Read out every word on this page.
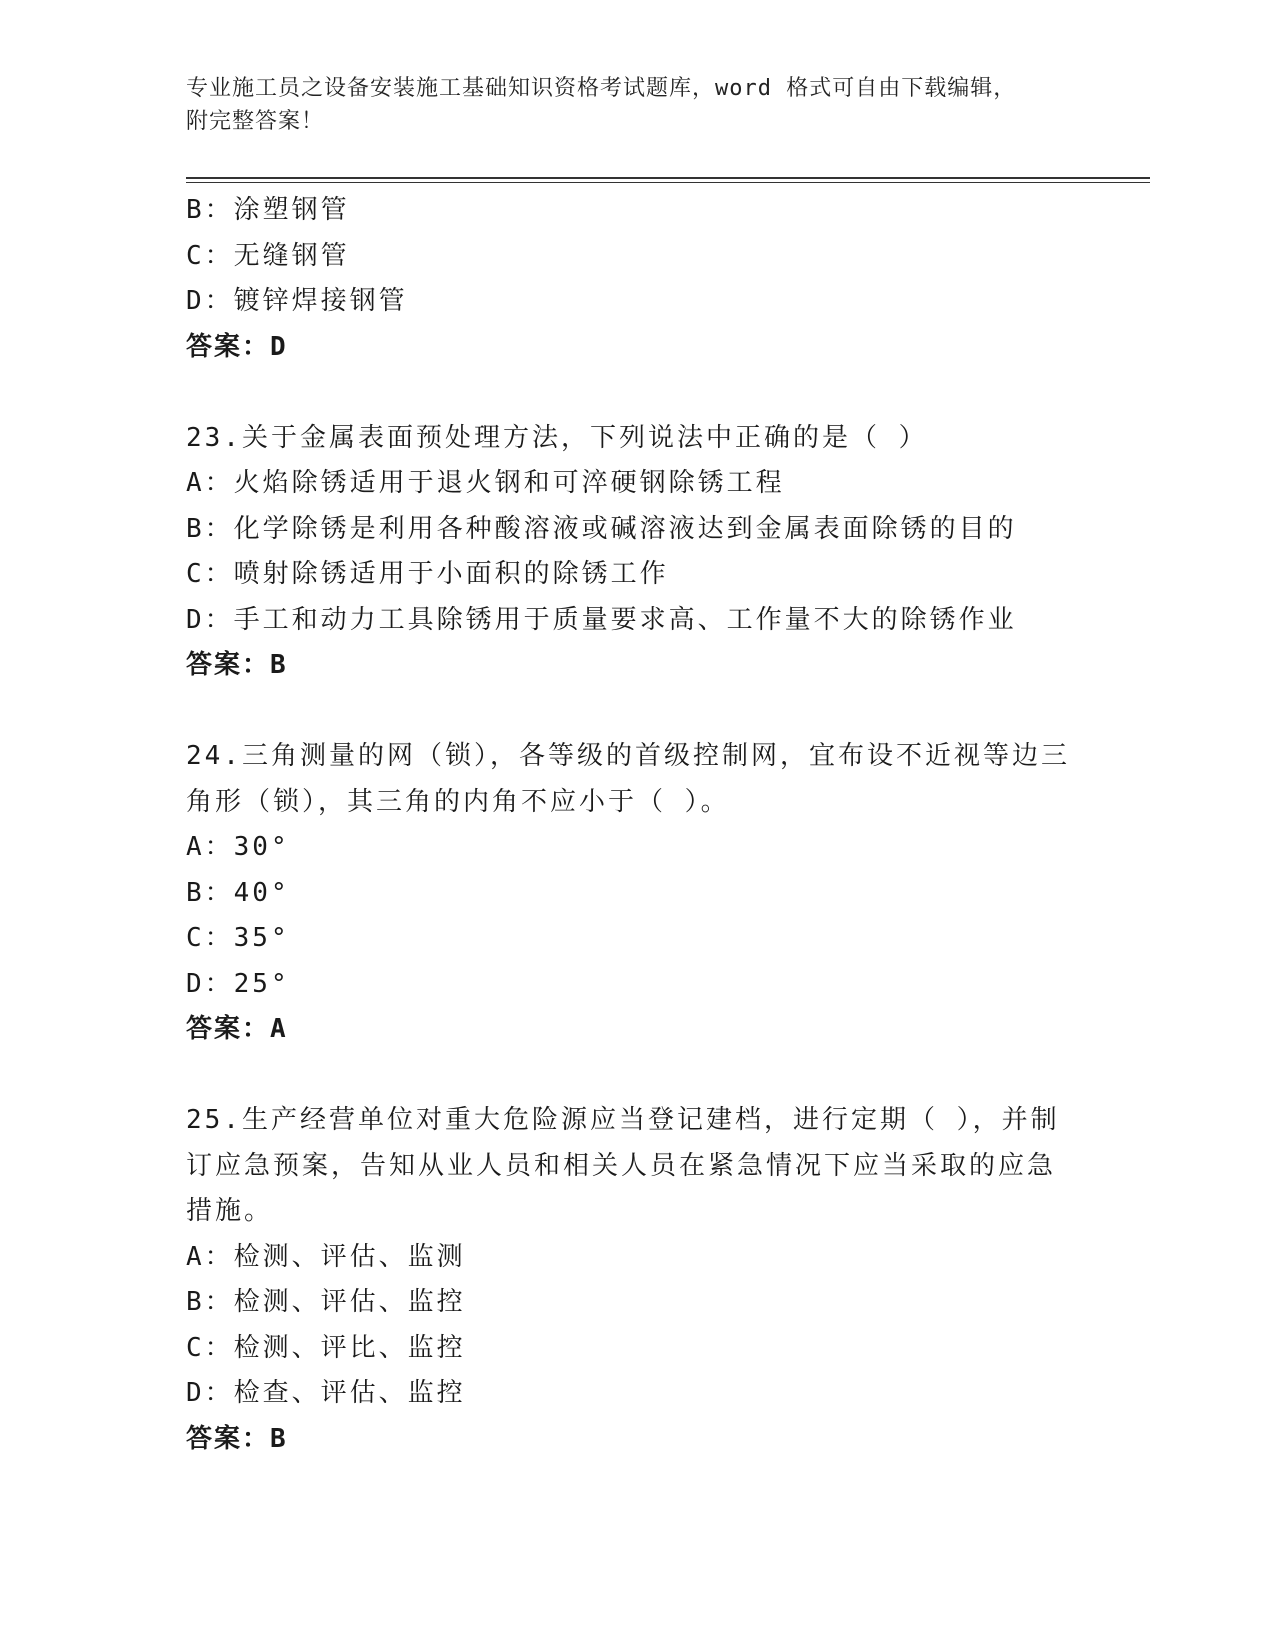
专业施工员之设备安装施工基础知识资格考试题库，word 格式可自由下载编辑，
附完整答案！
B：涂塑钢管
C：无缝钢管
D：镀锌焊接钢管
答案：D
23.关于金属表面预处理方法，下列说法中正确的是（ ）
A：火焰除锈适用于退火钢和可淬硬钢除锈工程
B：化学除锈是利用各种酸溶液或碱溶液达到金属表面除锈的目的
C：喷射除锈适用于小面积的除锈工作
D：手工和动力工具除锈用于质量要求高、工作量不大的除锈作业
答案：B
24.三角测量的网（锁），各等级的首级控制网，宜布设不近视等边三
角形（锁），其三角的内角不应小于（ ）。
A：30°
B：40°
C：35°
D：25°
答案：A
25.生产经营单位对重大危险源应当登记建档，进行定期（ ），并制
订应急预案，告知从业人员和相关人员在紧急情况下应当采取的应急
措施。
A：检测、评估、监测
B：检测、评估、监控
C：检测、评比、监控
D：检查、评估、监控
答案：B
